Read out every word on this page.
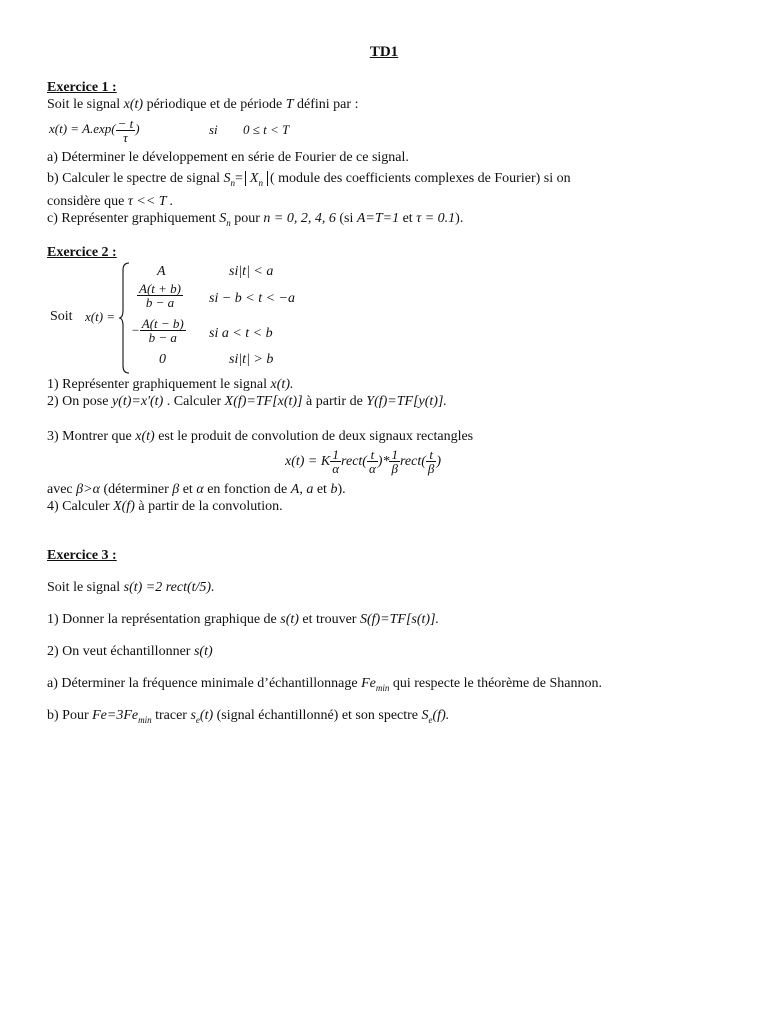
TD1
Exercice 1 :
Soit le signal x(t) périodique et de période T défini par :
$x(t) = A.\exp( \frac{- t}{\tau}$ )	si 0 ≤ t < T
a) Déterminer le développement en série de Fourier de ce signal.
b) Calculer le spectre de signal $S_n= X_n$ ( module des coefficients complexes de Fourier) si on
considère que τ << T .
c) Représenter graphiquement $S_n$ pour n = 0, 2, 4, 6 (si A=T=1 et τ = 0.1).
Exercice 2 :
Soit x(t) =
A	si|t| < a
$\frac{A(t + b)}{b - a}$ si − b < t < −a
− $\frac{A(t - b)}{b - a}$ si a < t < b
0	si|t| > b
1) Représenter graphiquement le signal x(t).
2) On pose y(t)=x'(t) . Calculer X(f)=TF[x(t)] à partir de Y(f)=TF[y(t)].
3) Montrer que x(t) est le produit de convolution de deux signaux rectangles
x(t) = K $\frac{1}{\alpha}$ rect( $\frac{t}{\alpha}$ )* $\frac{1}{\beta}$ rect( $\frac{t}{\beta}$ )
avec β>α (déterminer β et α en fonction de A, a et b).
4) Calculer X(f) à partir de la convolution.
Exercice 3 :
Soit le signal s(t) =2 rect(t/5).
1) Donner la représentation graphique de s(t) et trouver S(f)=TF[s(t)].
2) On veut échantillonner s(t)
a) Déterminer la fréquence minimale d’échantillonnage $Fe_{min}$ qui respecte le théorème de Shannon.
b) Pour $Fe=3Fe_{min}$ tracer $s_e(t)$ (signal échantillonné) et son spectre $S_e(f)$.
